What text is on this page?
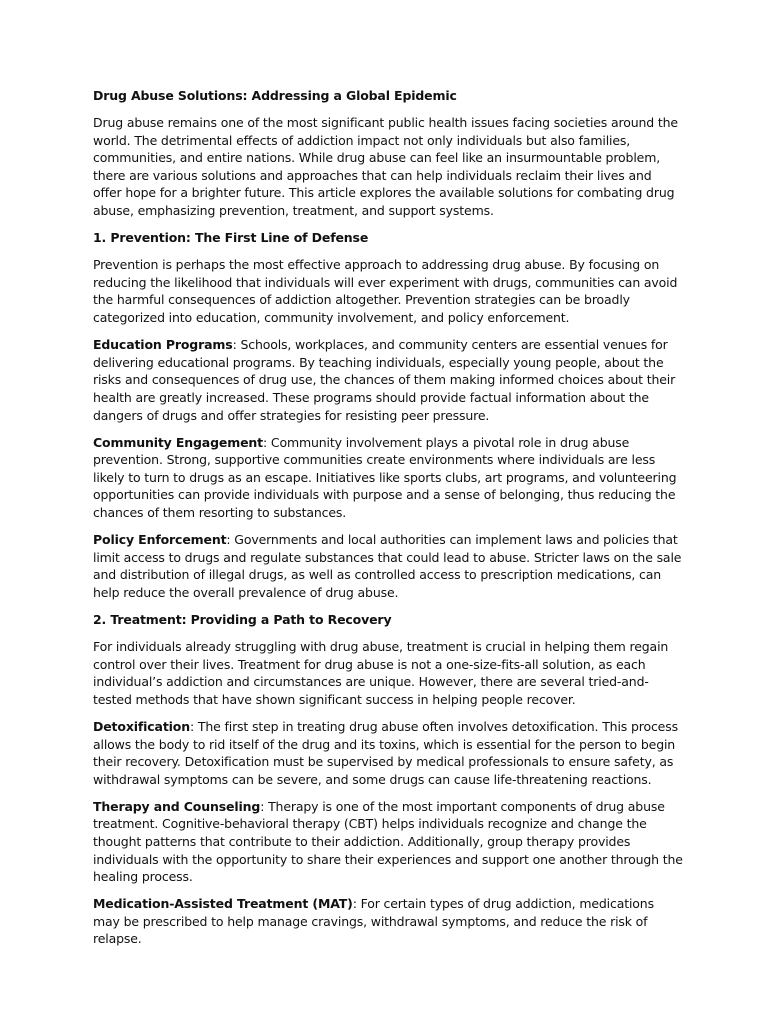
Drug Abuse Solutions: Addressing a Global Epidemic

Drug abuse remains one of the most significant public health issues facing societies around the world. The detrimental effects of addiction impact not only individuals but also families, communities, and entire nations. While drug abuse can feel like an insurmountable problem, there are various solutions and approaches that can help individuals reclaim their lives and offer hope for a brighter future. This article explores the available solutions for combating drug abuse, emphasizing prevention, treatment, and support systems.

1. Prevention: The First Line of Defense

Prevention is perhaps the most effective approach to addressing drug abuse. By focusing on reducing the likelihood that individuals will ever experiment with drugs, communities can avoid the harmful consequences of addiction altogether. Prevention strategies can be broadly categorized into education, community involvement, and policy enforcement.

Education Programs: Schools, workplaces, and community centers are essential venues for delivering educational programs. By teaching individuals, especially young people, about the risks and consequences of drug use, the chances of them making informed choices about their health are greatly increased. These programs should provide factual information about the dangers of drugs and offer strategies for resisting peer pressure.

Community Engagement: Community involvement plays a pivotal role in drug abuse prevention. Strong, supportive communities create environments where individuals are less likely to turn to drugs as an escape. Initiatives like sports clubs, art programs, and volunteering opportunities can provide individuals with purpose and a sense of belonging, thus reducing the chances of them resorting to substances.

Policy Enforcement: Governments and local authorities can implement laws and policies that limit access to drugs and regulate substances that could lead to abuse. Stricter laws on the sale and distribution of illegal drugs, as well as controlled access to prescription medications, can help reduce the overall prevalence of drug abuse.

2. Treatment: Providing a Path to Recovery

For individuals already struggling with drug abuse, treatment is crucial in helping them regain control over their lives. Treatment for drug abuse is not a one-size-fits-all solution, as each individual’s addiction and circumstances are unique. However, there are several tried-and-tested methods that have shown significant success in helping people recover.

Detoxification: The first step in treating drug abuse often involves detoxification. This process allows the body to rid itself of the drug and its toxins, which is essential for the person to begin their recovery. Detoxification must be supervised by medical professionals to ensure safety, as withdrawal symptoms can be severe, and some drugs can cause life-threatening reactions.

Therapy and Counseling: Therapy is one of the most important components of drug abuse treatment. Cognitive-behavioral therapy (CBT) helps individuals recognize and change the thought patterns that contribute to their addiction. Additionally, group therapy provides individuals with the opportunity to share their experiences and support one another through the healing process.

Medication-Assisted Treatment (MAT): For certain types of drug addiction, medications may be prescribed to help manage cravings, withdrawal symptoms, and reduce the risk of relapse.
